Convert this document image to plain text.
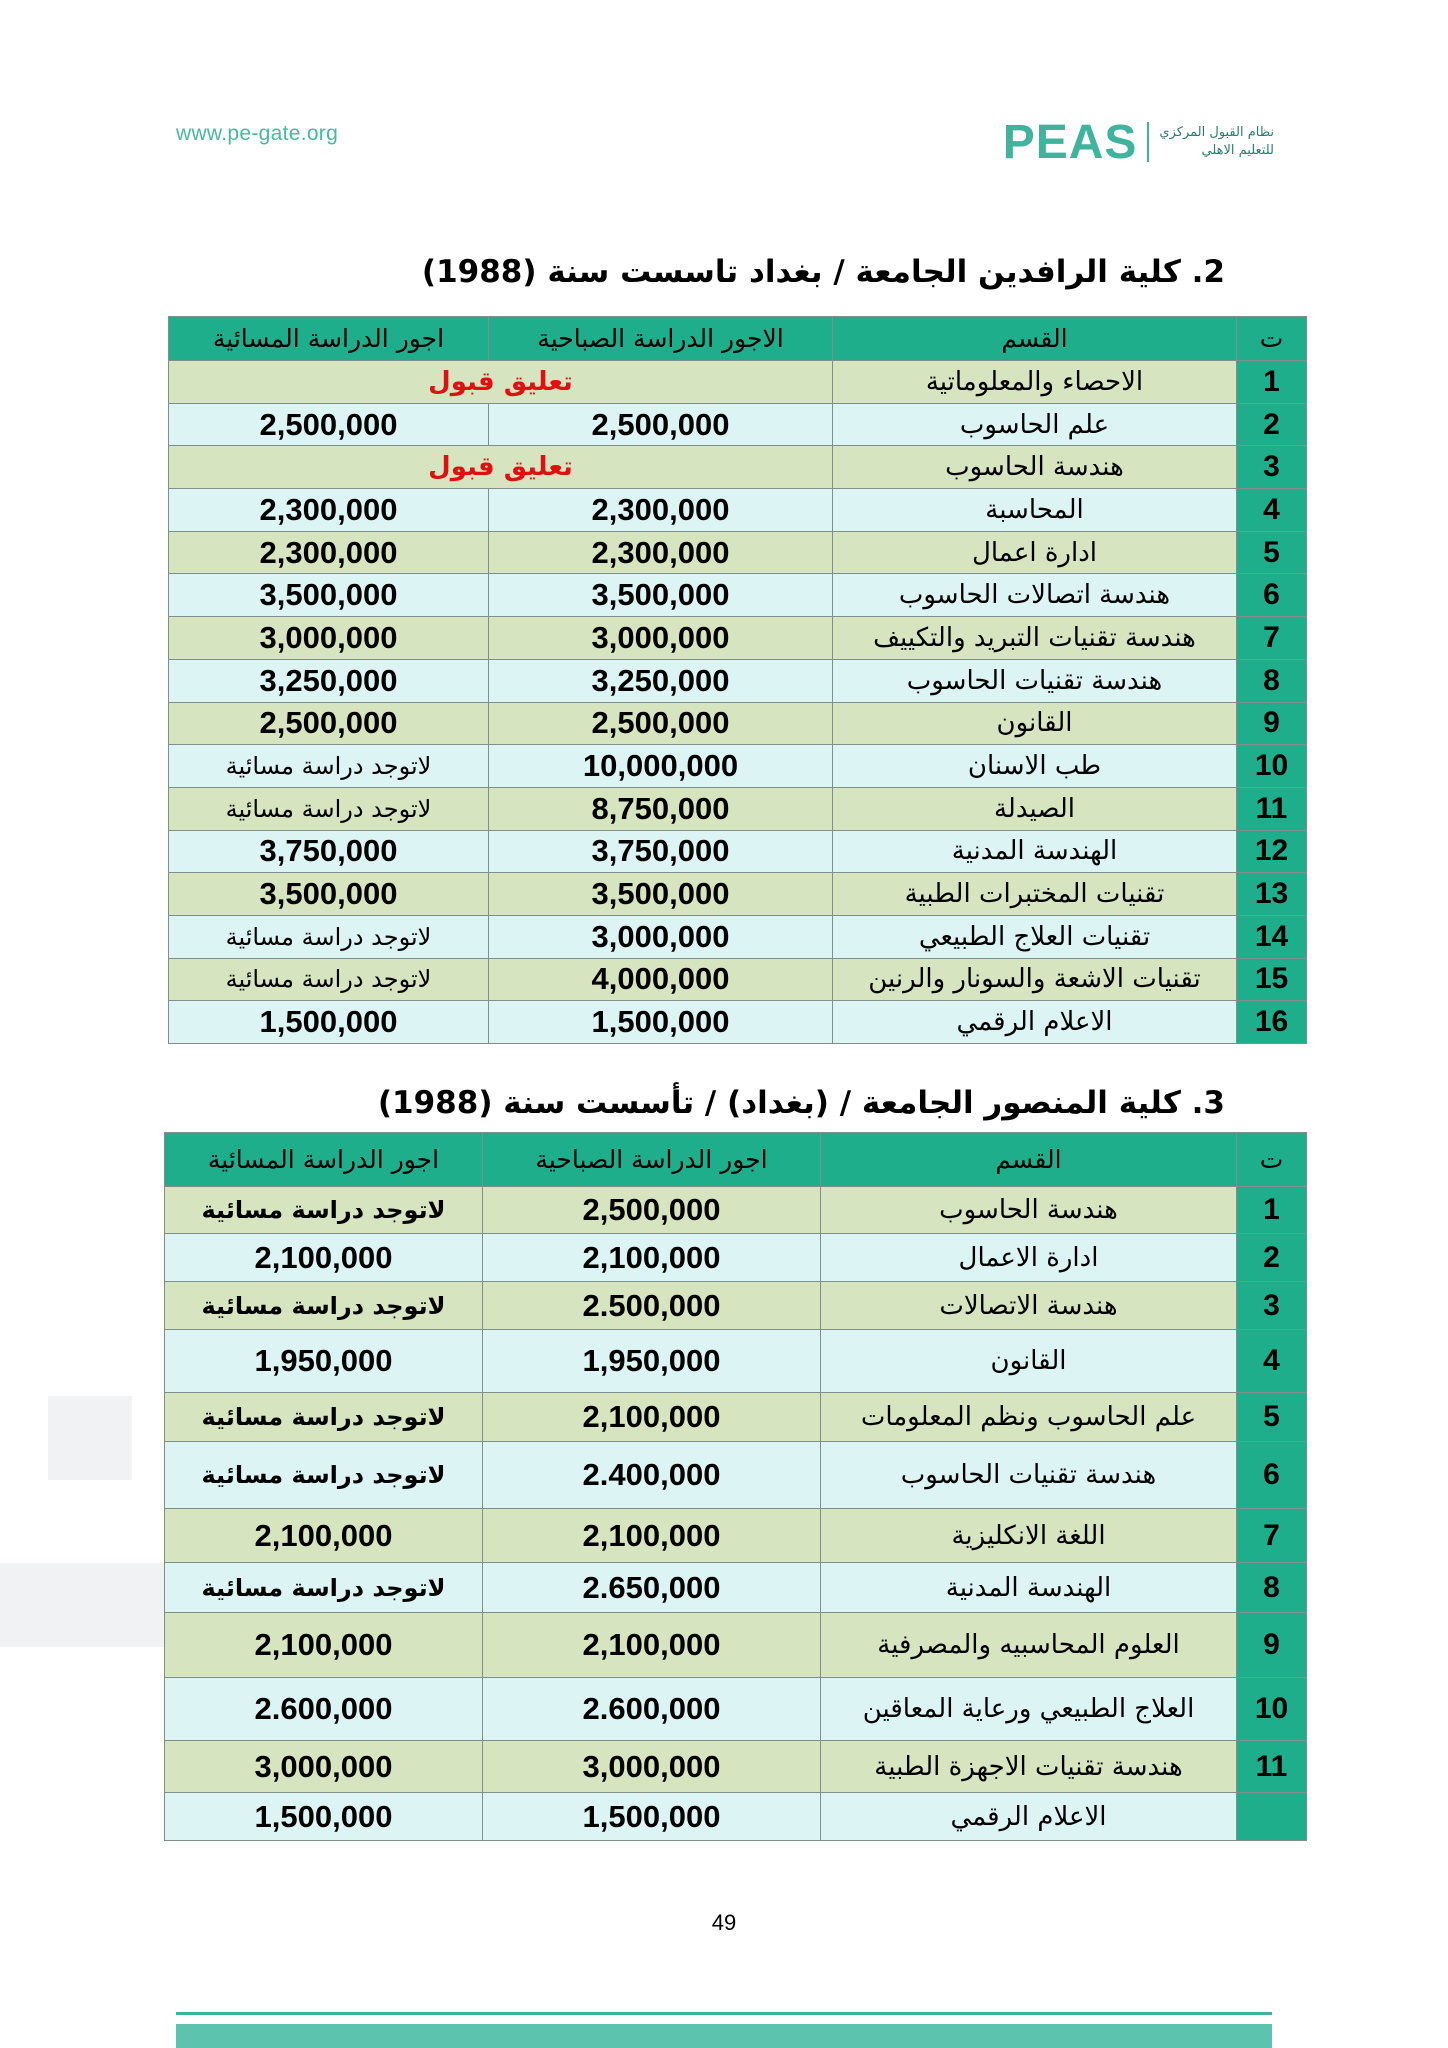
www.pe-gate.org	نظام القبول المركزي
للتعليم الاهلي
PEAS
2. كلية الرافدين الجامعة / بغداد تاسست سنة (1988)
ت	القسم	الاجور الدراسة الصباحية	اجور الدراسة المسائية
1	الاحصاء والمعلوماتية	تعليق قبول	
2	علم الحاسوب	2,500,000	2,500,000
3	هندسة الحاسوب	تعليق قبول	
4	المحاسبة	2,300,000	2,300,000
5	ادارة اعمال	2,300,000	2,300,000
6	هندسة اتصالات الحاسوب	3,500,000	3,500,000
7	هندسة تقنيات التبريد والتكييف	3,000,000	3,000,000
8	هندسة تقنيات الحاسوب	3,250,000	3,250,000
9	القانون	2,500,000	2,500,000
10	طب الاسنان	10,000,000	لاتوجد دراسة مسائية
11	الصيدلة	8,750,000	لاتوجد دراسة مسائية
12	الهندسة المدنية	3,750,000	3,750,000
13	تقنيات المختبرات الطبية	3,500,000	3,500,000
14	تقنيات العلاج الطبيعي	3,000,000	لاتوجد دراسة مسائية
15	تقنيات الاشعة والسونار والرنين	4,000,000	لاتوجد دراسة مسائية
16	الاعلام الرقمي	1,500,000	1,500,000
3. كلية المنصور الجامعة / (بغداد) / تأسست سنة (1988)
ت	القسم	اجور الدراسة الصباحية	اجور الدراسة المسائية
1	هندسة الحاسوب	2,500,000	لاتوجد دراسة مسائية
2	ادارة الاعمال	2,100,000	2,100,000
3	هندسة الاتصالات	2.500,000	لاتوجد دراسة مسائية
4	القانون	1,950,000	1,950,000
5	علم الحاسوب ونظم المعلومات	2,100,000	لاتوجد دراسة مسائية
6	هندسة تقنيات الحاسوب	2.400,000	لاتوجد دراسة مسائية
7	اللغة الانكليزية	2,100,000	2,100,000
8	الهندسة المدنية	2.650,000	لاتوجد دراسة مسائية
9	العلوم المحاسبيه والمصرفية	2,100,000	2,100,000
10	العلاج الطبيعي ورعاية المعاقين	2.600,000	2.600,000
11	هندسة تقنيات الاجهزة الطبية	3,000,000	3,000,000
	الاعلام الرقمي	1,500,000	1,500,000
49
